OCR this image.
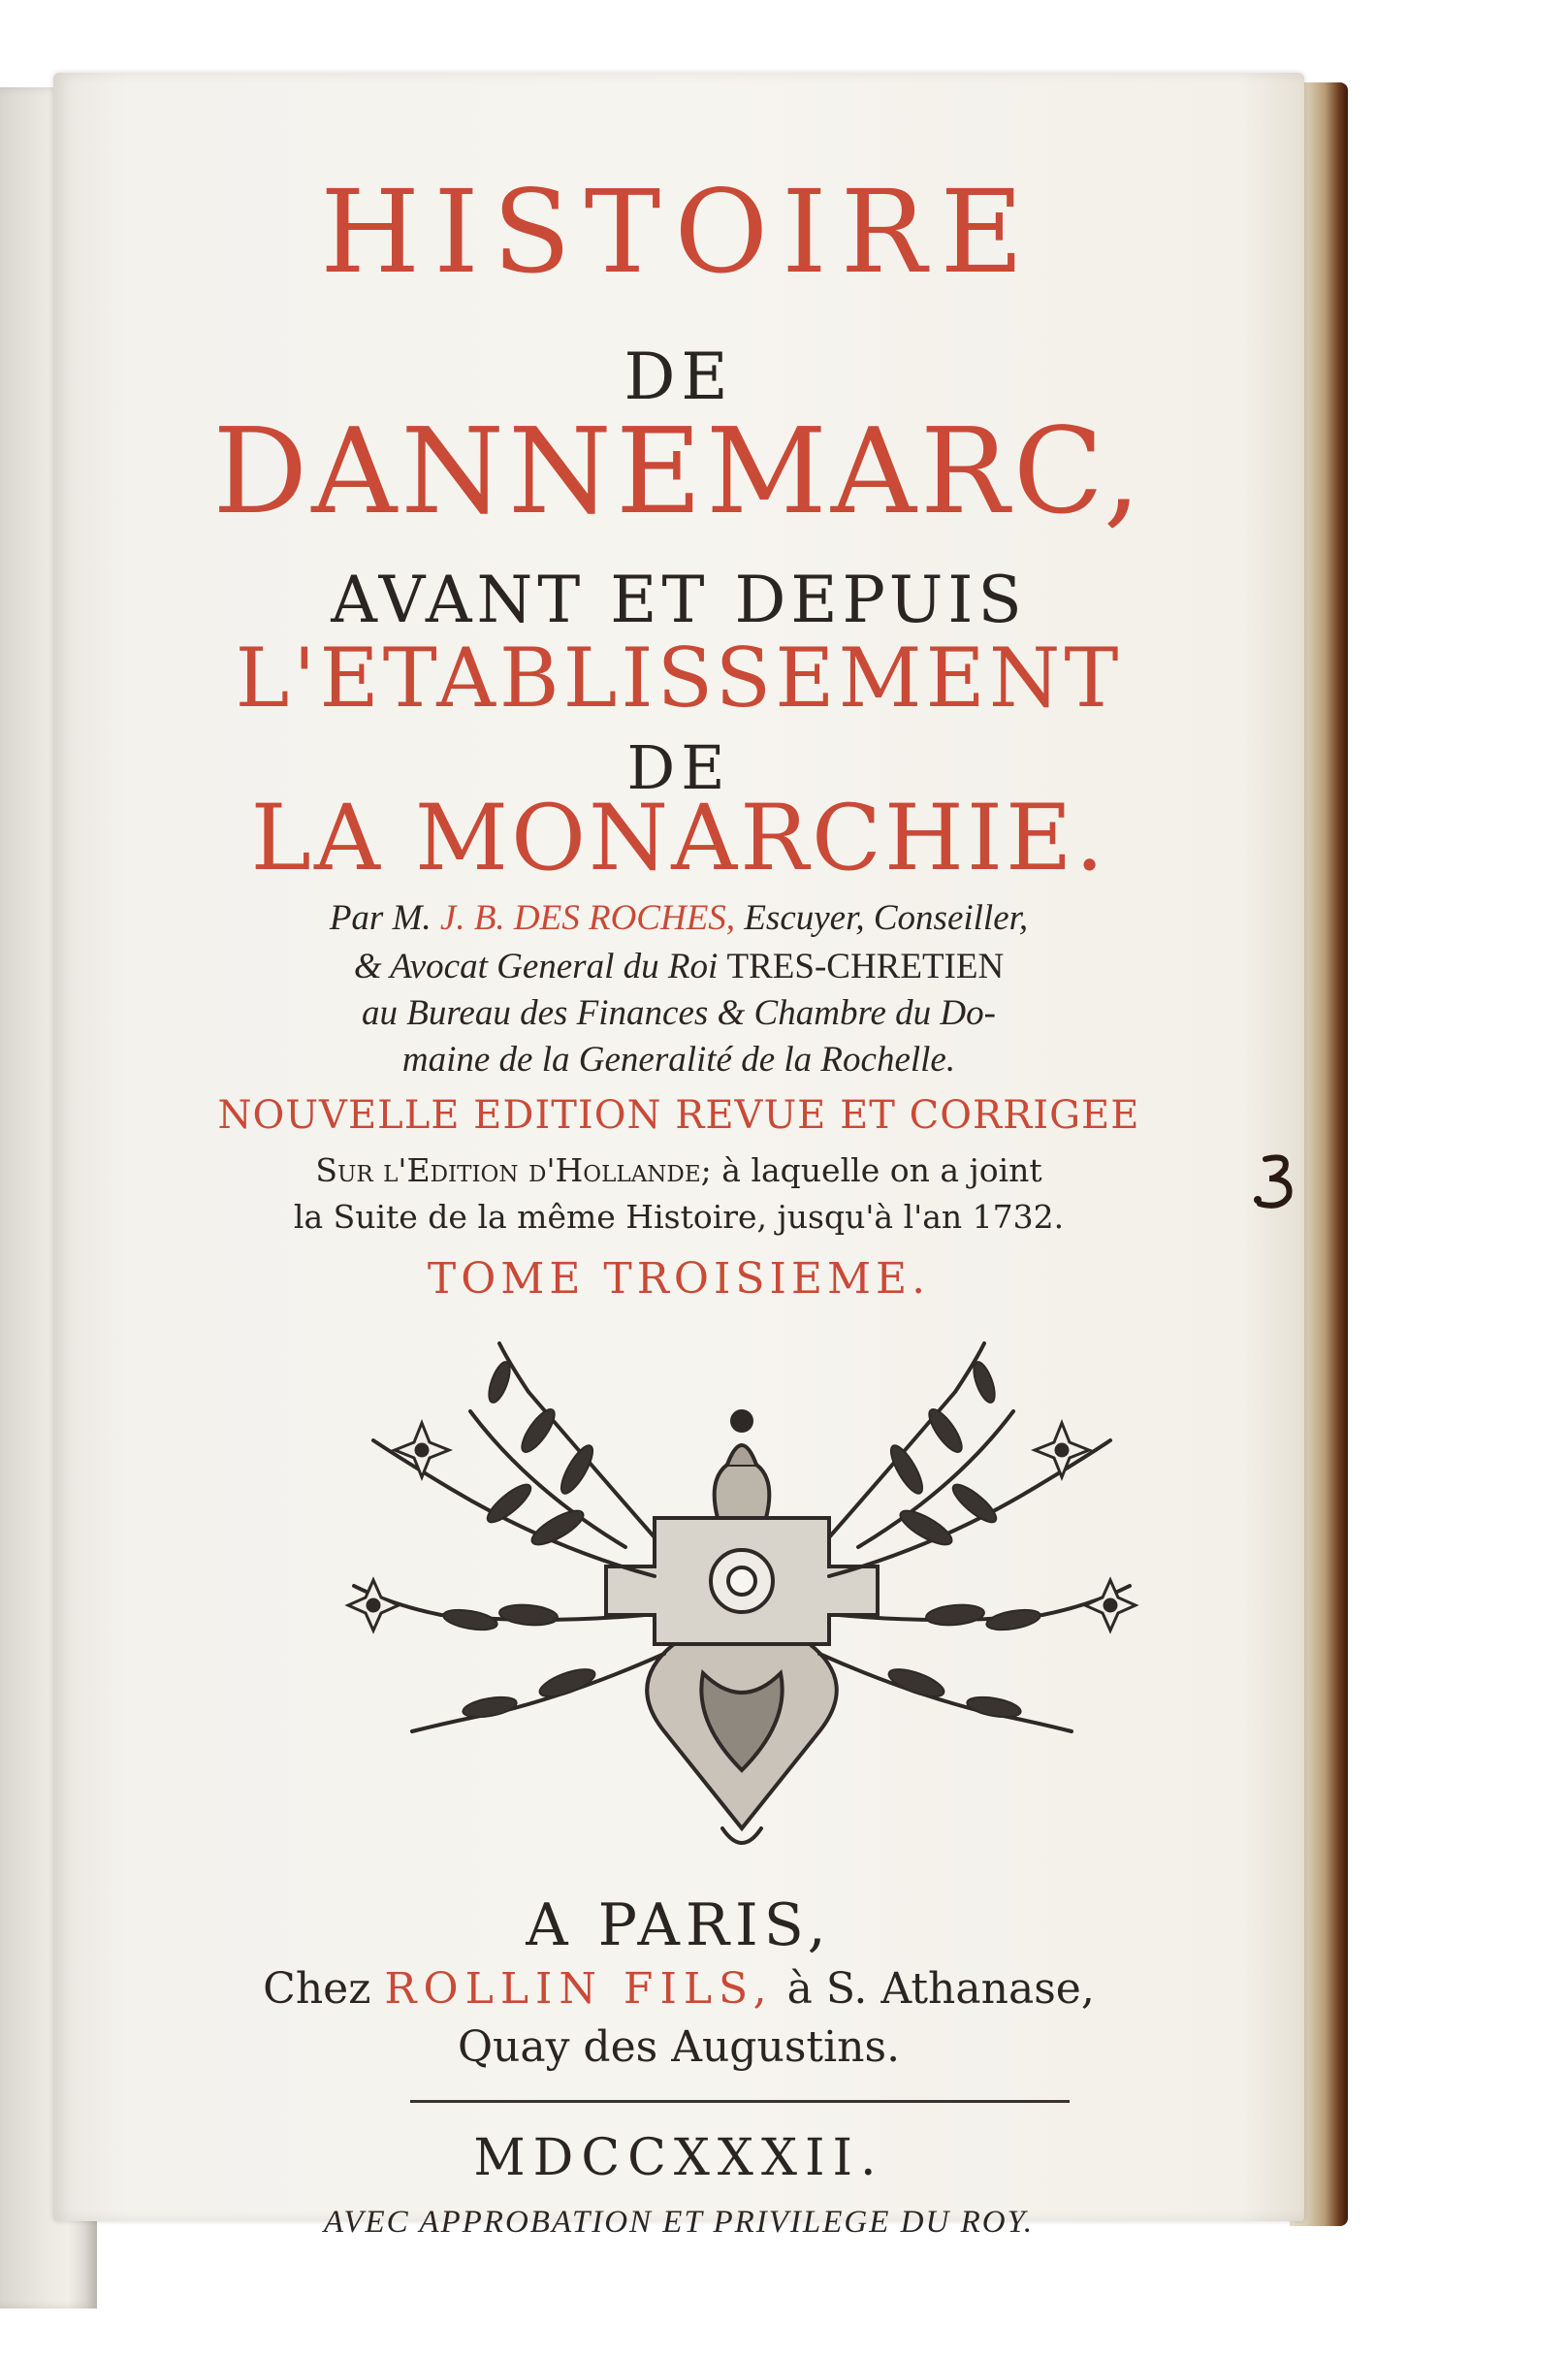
HISTOIRE
DE
DANNEMARC,
AVANT ET DEPUIS
L'ETABLISSEMENT
DE
LA MONARCHIE.
Par M. J. B. DES ROCHES, Escuyer, Conseiller,
& Avocat General du Roi TRES-CHRETIEN
au Bureau des Finances & Chambre du Do-
maine de la Generalité de la Rochelle.
NOUVELLE EDITION REVUE ET CORRIGEE
Sur l'Edition d'Hollande; à laquelle on a joint
la Suite de la même Histoire, jusqu'à l'an 1732.
TOME TROISIEME.
A PARIS,
Chez ROLLIN FILS, à S. Athanase,
Quay des Augustins.
MDCCXXXII.
AVEC APPROBATION ET PRIVILEGE DU ROY.
